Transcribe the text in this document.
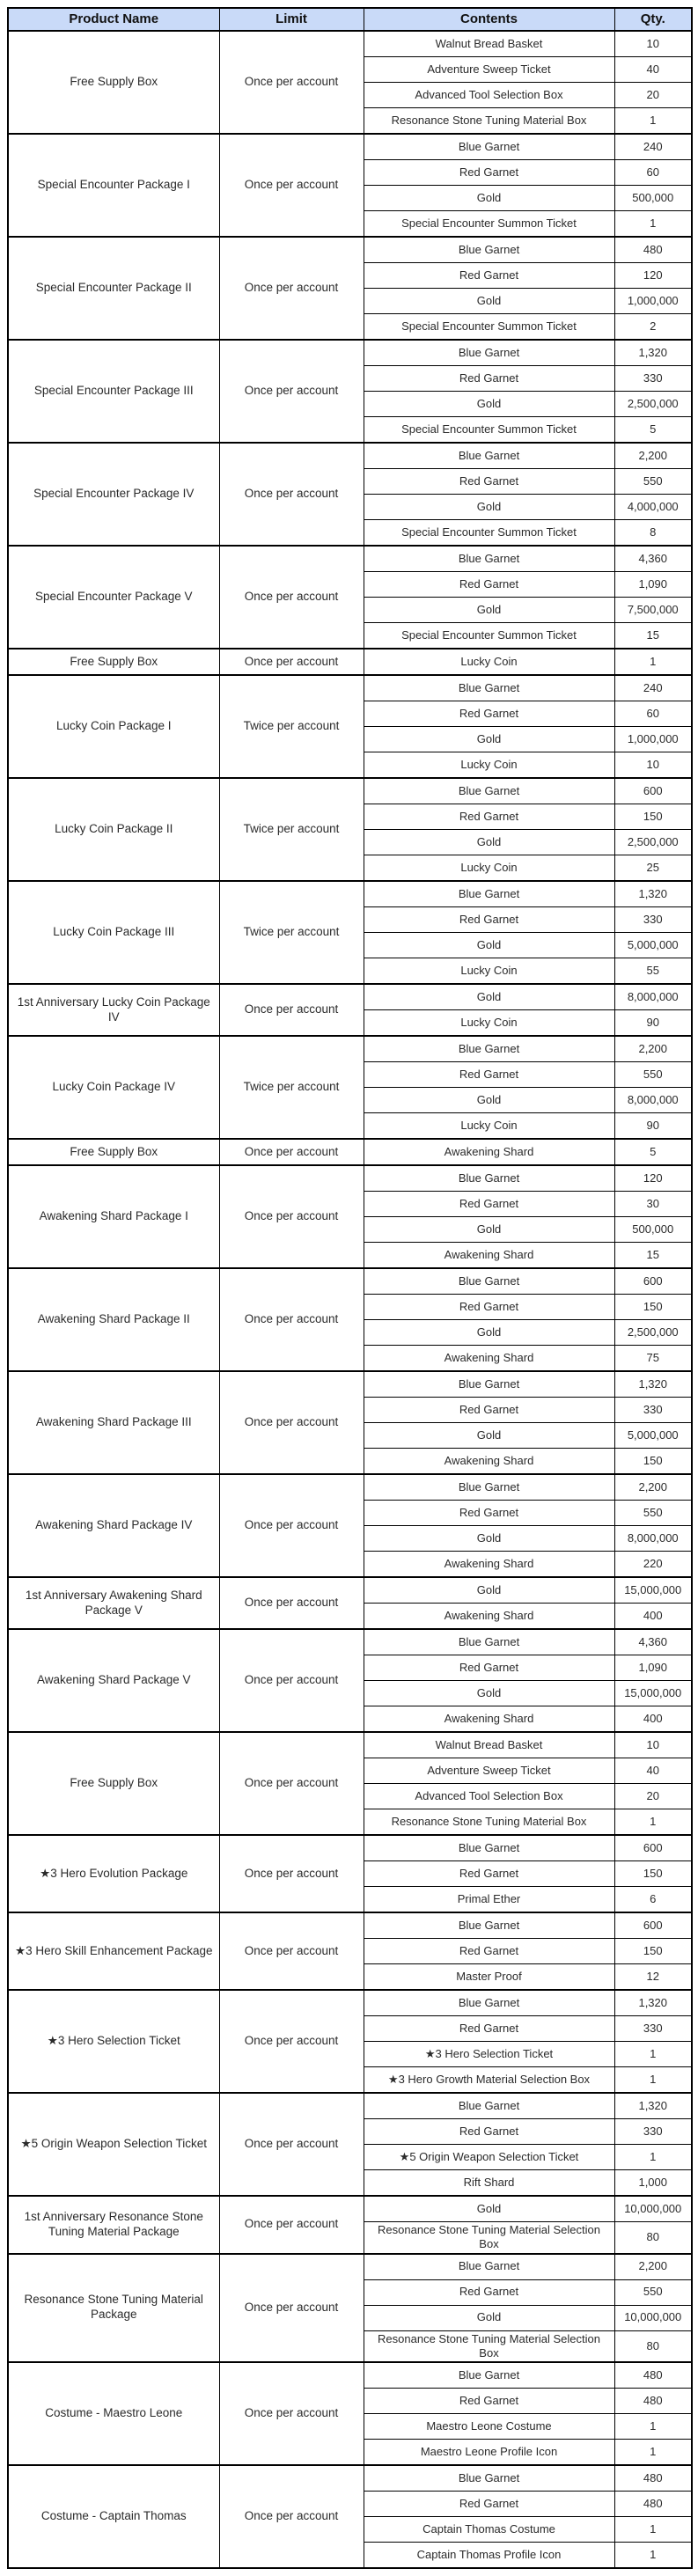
Product Name	Limit	Contents	Qty.
Free Supply Box	Once per account	Walnut Bread Basket	10
		Adventure Sweep Ticket	40
		Advanced Tool Selection Box	20
		Resonance Stone Tuning Material Box	1
Special Encounter Package I	Once per account	Blue Garnet	240
		Red Garnet	60
		Gold	500,000
		Special Encounter Summon Ticket	1
Special Encounter Package II	Once per account	Blue Garnet	480
		Red Garnet	120
		Gold	1,000,000
		Special Encounter Summon Ticket	2
Special Encounter Package III	Once per account	Blue Garnet	1,320
		Red Garnet	330
		Gold	2,500,000
		Special Encounter Summon Ticket	5
Special Encounter Package IV	Once per account	Blue Garnet	2,200
		Red Garnet	550
		Gold	4,000,000
		Special Encounter Summon Ticket	8
Special Encounter Package V	Once per account	Blue Garnet	4,360
		Red Garnet	1,090
		Gold	7,500,000
		Special Encounter Summon Ticket	15
Free Supply Box	Once per account	Lucky Coin	1
Lucky Coin Package I	Twice per account	Blue Garnet	240
		Red Garnet	60
		Gold	1,000,000
		Lucky Coin	10
Lucky Coin Package II	Twice per account	Blue Garnet	600
		Red Garnet	150
		Gold	2,500,000
		Lucky Coin	25
Lucky Coin Package III	Twice per account	Blue Garnet	1,320
		Red Garnet	330
		Gold	5,000,000
		Lucky Coin	55
1st Anniversary Lucky Coin Package IV	Once per account	Gold	8,000,000
		Lucky Coin	90
Lucky Coin Package IV	Twice per account	Blue Garnet	2,200
		Red Garnet	550
		Gold	8,000,000
		Lucky Coin	90
Free Supply Box	Once per account	Awakening Shard	5
Awakening Shard Package I	Once per account	Blue Garnet	120
		Red Garnet	30
		Gold	500,000
		Awakening Shard	15
Awakening Shard Package II	Once per account	Blue Garnet	600
		Red Garnet	150
		Gold	2,500,000
		Awakening Shard	75
Awakening Shard Package III	Once per account	Blue Garnet	1,320
		Red Garnet	330
		Gold	5,000,000
		Awakening Shard	150
Awakening Shard Package IV	Once per account	Blue Garnet	2,200
		Red Garnet	550
		Gold	8,000,000
		Awakening Shard	220
1st Anniversary Awakening Shard Package V	Once per account	Gold	15,000,000
		Awakening Shard	400
Awakening Shard Package V	Once per account	Blue Garnet	4,360
		Red Garnet	1,090
		Gold	15,000,000
		Awakening Shard	400
Free Supply Box	Once per account	Walnut Bread Basket	10
		Adventure Sweep Ticket	40
		Advanced Tool Selection Box	20
		Resonance Stone Tuning Material Box	1
★3 Hero Evolution Package	Once per account	Blue Garnet	600
		Red Garnet	150
		Primal Ether	6
★3 Hero Skill Enhancement Package	Once per account	Blue Garnet	600
		Red Garnet	150
		Master Proof	12
★3 Hero Selection Ticket	Once per account	Blue Garnet	1,320
		Red Garnet	330
		★3 Hero Selection Ticket	1
		★3 Hero Growth Material Selection Box	1
★5 Origin Weapon Selection Ticket	Once per account	Blue Garnet	1,320
		Red Garnet	330
		★5 Origin Weapon Selection Ticket	1
		Rift Shard	1,000
1st Anniversary Resonance Stone Tuning Material Package	Once per account	Gold	10,000,000
		Resonance Stone Tuning Material Selection Box	80
Resonance Stone Tuning Material Package	Once per account	Blue Garnet	2,200
		Red Garnet	550
		Gold	10,000,000
		Resonance Stone Tuning Material Selection Box	80
Costume - Maestro Leone	Once per account	Blue Garnet	480
		Red Garnet	480
		Maestro Leone Costume	1
		Maestro Leone Profile Icon	1
Costume - Captain Thomas	Once per account	Blue Garnet	480
		Red Garnet	480
		Captain Thomas Costume	1
		Captain Thomas Profile Icon	1
